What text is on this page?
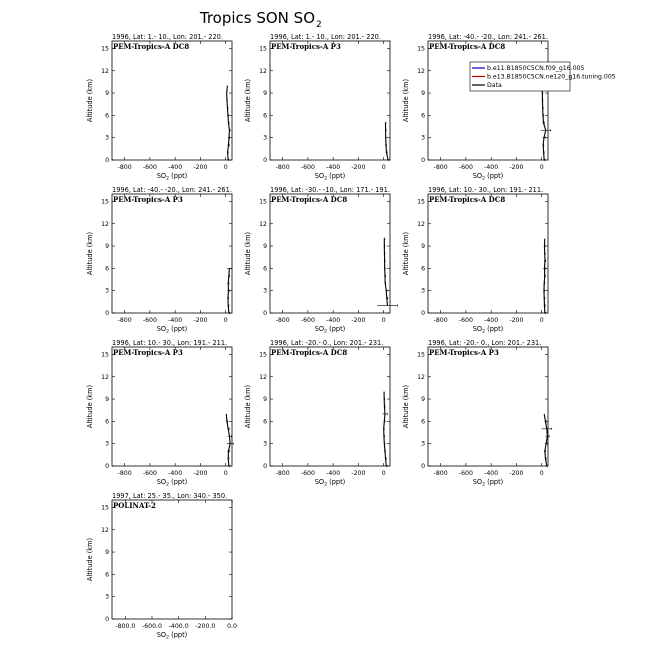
Tropics SON SO 2
1996, Lat: 1.- 10., Lon: 201.- 220.
PEM-Tropics-A DC8
0
3
6
9
12
15
-800 -600 -400 -200	0
$SO_2$ (ppt)
Altitude (km)
1996, Lat: 1.- 10., Lon: 201.- 220.
PEM-Tropics-A P3
0
3
6
9
12
15
-800 -600 -400 -200	0
$SO_2$ (ppt)
Altitude (km)
1996, Lat: -40.- -20., Lon: 241.- 261.
PEM-Tropics-A DC8
0
3
6
9
12
15
-800 -600 -400 -200	0
$SO_2$ (ppt)
Altitude (km)
1996, Lat: -40.- -20., Lon: 241.- 261.
PEM-Tropics-A P3
0
3
6
9
12
15
-800 -600 -400 -200	0
$SO_2$ (ppt)
Altitude (km)
1996, Lat: -30.- -10., Lon: 171.- 191.
PEM-Tropics-A DC8
0
3
6
9
12
15
-800 -600 -400 -200	0
$SO_2$ (ppt)
Altitude (km)
1996, Lat: 10.- 30., Lon: 191.- 211.
PEM-Tropics-A DC8
0
3
6
9
12
15
-800 -600 -400 -200	0
$SO_2$ (ppt)
Altitude (km)
1996, Lat: 10.- 30., Lon: 191.- 211.
PEM-Tropics-A P3
0
3
6
9
12
15
-800 -600 -400 -200	0
$SO_2$ (ppt)
Altitude (km)
1996, Lat: -20.- 0., Lon: 201.- 231.
PEM-Tropics-A DC8
0
3
6
9
12
15
-800 -600 -400 -200	0
$SO_2$ (ppt)
Altitude (km)
1996, Lat: -20.- 0., Lon: 201.- 231.
PEM-Tropics-A P3
0
3
6
9
12
15
-800 -600 -400 -200	0
$SO_2$ (ppt)
Altitude (km)
1997, Lat: 25.- 35., Lon: 340.- 350.
POLINAT-2
0
3
6
9
12
15
-800.0 -600.0 -400.0 -200.0 0.0
$SO_2$ (ppt)
Altitude (km)
b.e11.B1850C5CN.f09_g16.005
b.e13.B1850C5CN.ne120_g16.tuning.005
Data
